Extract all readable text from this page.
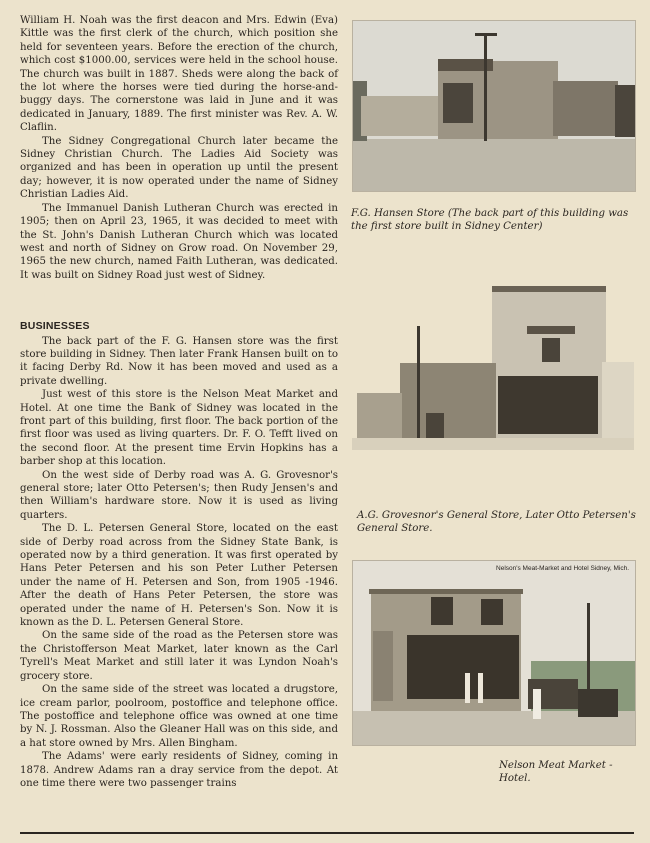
William H. Noah was the first deacon and Mrs. Edwin (Eva) Kittle was the first clerk of the church, which position she held for seventeen years. Before the erection of the church, which cost $1000.00, services were held in the school house. The church was built in 1887. Sheds were along the back of the lot where the horses were tied during the horse-and-buggy days. The cornerstone was laid in June and it was dedicated in January, 1889. The first minister was Rev. A. W. Claflin.

The Sidney Congregational Church later became the Sidney Christian Church. The Ladies Aid Society was organized and has been in operation up until the present day; however, it is now operated under the name of Sidney Christian Ladies Aid.

The Immanuel Danish Lutheran Church was erected in 1905; then on April 23, 1965, it was decided to meet with the St. John's Danish Lutheran Church which was located west and north of Sidney on Grow road. On November 29, 1965 the new church, named Faith Lutheran, was dedicated. It was built on Sidney Road just west of Sidney.

BUSINESSES

The back part of the F. G. Hansen store was the first store building in Sidney. Then later Frank Hansen built on to it facing Derby Rd. Now it has been moved and used as a private dwelling.

Just west of this store is the Nelson Meat Market and Hotel. At one time the Bank of Sidney was located in the front part of this building, first floor. The back portion of the first floor was used as living quarters. Dr. F. O. Tefft lived on the second floor. At the present time Ervin Hopkins has a barber shop at this location.

On the west side of Derby road was A. G. Grovesnor's general store; later Otto Petersen's; then Rudy Jensen's and then William's hardware store. Now it is used as living quarters.

The D. L. Petersen General Store, located on the east side of Derby road across from the Sidney State Bank, is operated now by a third generation. It was first operated by Hans Peter Petersen and his son Peter Luther Petersen under the name of H. Petersen and Son, from 1905 -1946. After the death of Hans Peter Petersen, the store was operated under the name of H. Petersen's Son. Now it is known as the D. L. Petersen General Store.

On the same side of the road as the Petersen store was the Christofferson Meat Market, later known as the Carl Tyrell's Meat Market and still later it was Lyndon Noah's grocery store.

On the same side of the street was located a drugstore, ice cream parlor, poolroom, postoffice and telephone office. The postoffice and telephone office was owned at one time by N. J. Rossman. Also the Gleaner Hall was on this side, and a hat store owned by Mrs. Allen Bingham.

The Adams' were early residents of Sidney, coming in 1878. Andrew Adams ran a dray service from the depot. At one time there were two passenger trains

F.G. Hansen Store (The back part of this building was the first store built in Sidney Center)
A.G. Grovesnor's General Store, Later Otto Petersen's General Store.
Nelson's Meat-Market and Hotel Sidney, Mich.
Nelson Meat Market - Hotel.
